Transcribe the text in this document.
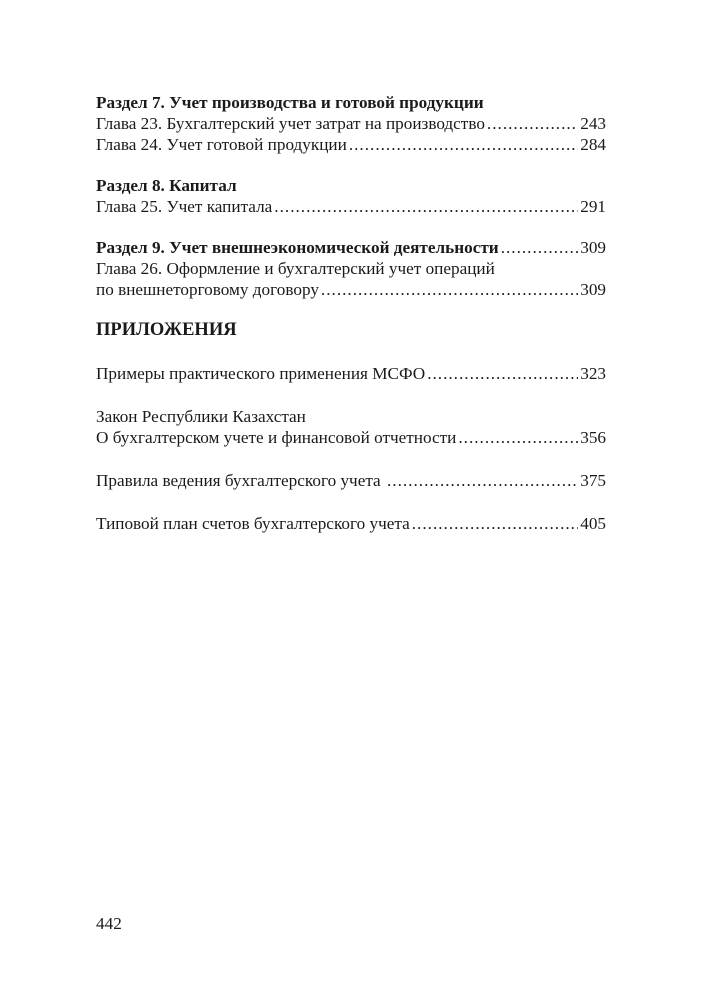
Раздел 7. Учет производства и готовой продукции
Глава 23. Бухгалтерский учет затрат на производство .....	243
Глава 24. Учет готовой продукции .....	284
Раздел 8. Капитал
Глава 25. Учет капитала .....	291
Раздел 9. Учет внешнеэкономической деятельности .....	309
Глава 26. Оформление и бухгалтерский учет операций
по внешнеторговому договору .....	309
ПРИЛОЖЕНИЯ
Примеры практического применения МСФО .....	323
Закон Республики Казахстан
О бухгалтерском учете и финансовой отчетности .....	356
Правила ведения бухгалтерского учета .....	375
Типовой план счетов бухгалтерского учета .....	405
442
